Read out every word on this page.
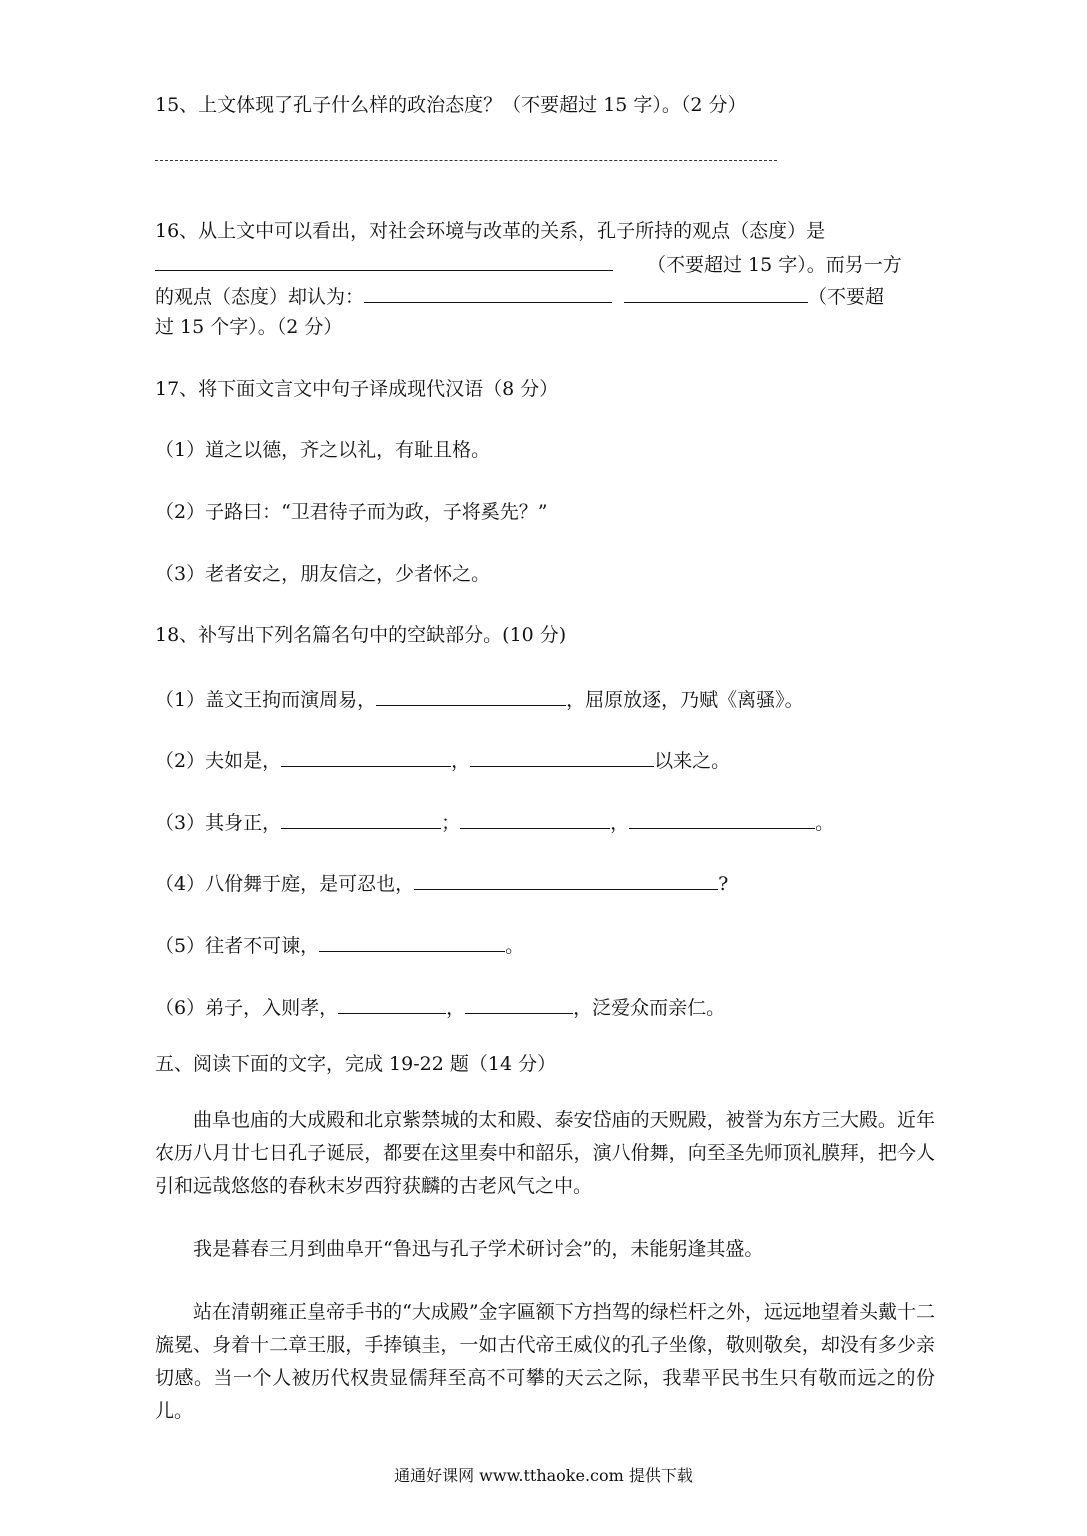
15、上文体现了孔子什么样的政治态度？（不要超过 15 字）。（2 分）
16、从上文中可以看出，对社会环境与改革的关系，孔子所持的观点（态度）是
（不要超过 15 字）。而另一方
的观点（态度）却认为：	（不要超
过 15 个字）。（2 分）
17、将下面文言文中句子译成现代汉语（8 分）
（1）道之以德，齐之以礼，有耻且格。
（2）子路曰：“卫君待子而为政，子将奚先？”
（3）老者安之，朋友信之，少者怀之。
18、补写出下列名篇名句中的空缺部分。(10 分)
（1）盖文王拘而演周易，	，屈原放逐，乃赋《离骚》。
（2）夫如是，	，	以来之。
（3）其身正，	；	，	。
（4）八佾舞于庭，是可忍也，	?
（5）往者不可谏，	。
（6）弟子，入则孝，	，	，泛爱众而亲仁。
五、阅读下面的文字，完成 19-22 题（14 分）
曲阜也庙的大成殿和北京紫禁城的太和殿、泰安岱庙的天贶殿，被誉为东方三大殿。近年农历八月廿七日孔子诞辰，都要在这里奏中和韶乐，演八佾舞，向至圣先师顶礼膜拜，把今人引和远哉悠悠的春秋末岁西狩获麟的古老风气之中。
我是暮春三月到曲阜开“鲁迅与孔子学术研讨会”的，未能躬逢其盛。
站在清朝雍正皇帝手书的“大成殿”金字匾额下方挡驾的绿栏杆之外，远远地望着头戴十二旒冕、身着十二章王服，手捧镇圭，一如古代帝王威仪的孔子坐像，敬则敬矣，却没有多少亲切感。当一个人被历代权贵显儒拜至高不可攀的天云之际，我辈平民书生只有敬而远之的份儿。
通通好课网 www.tthaoke.com 提供下载
